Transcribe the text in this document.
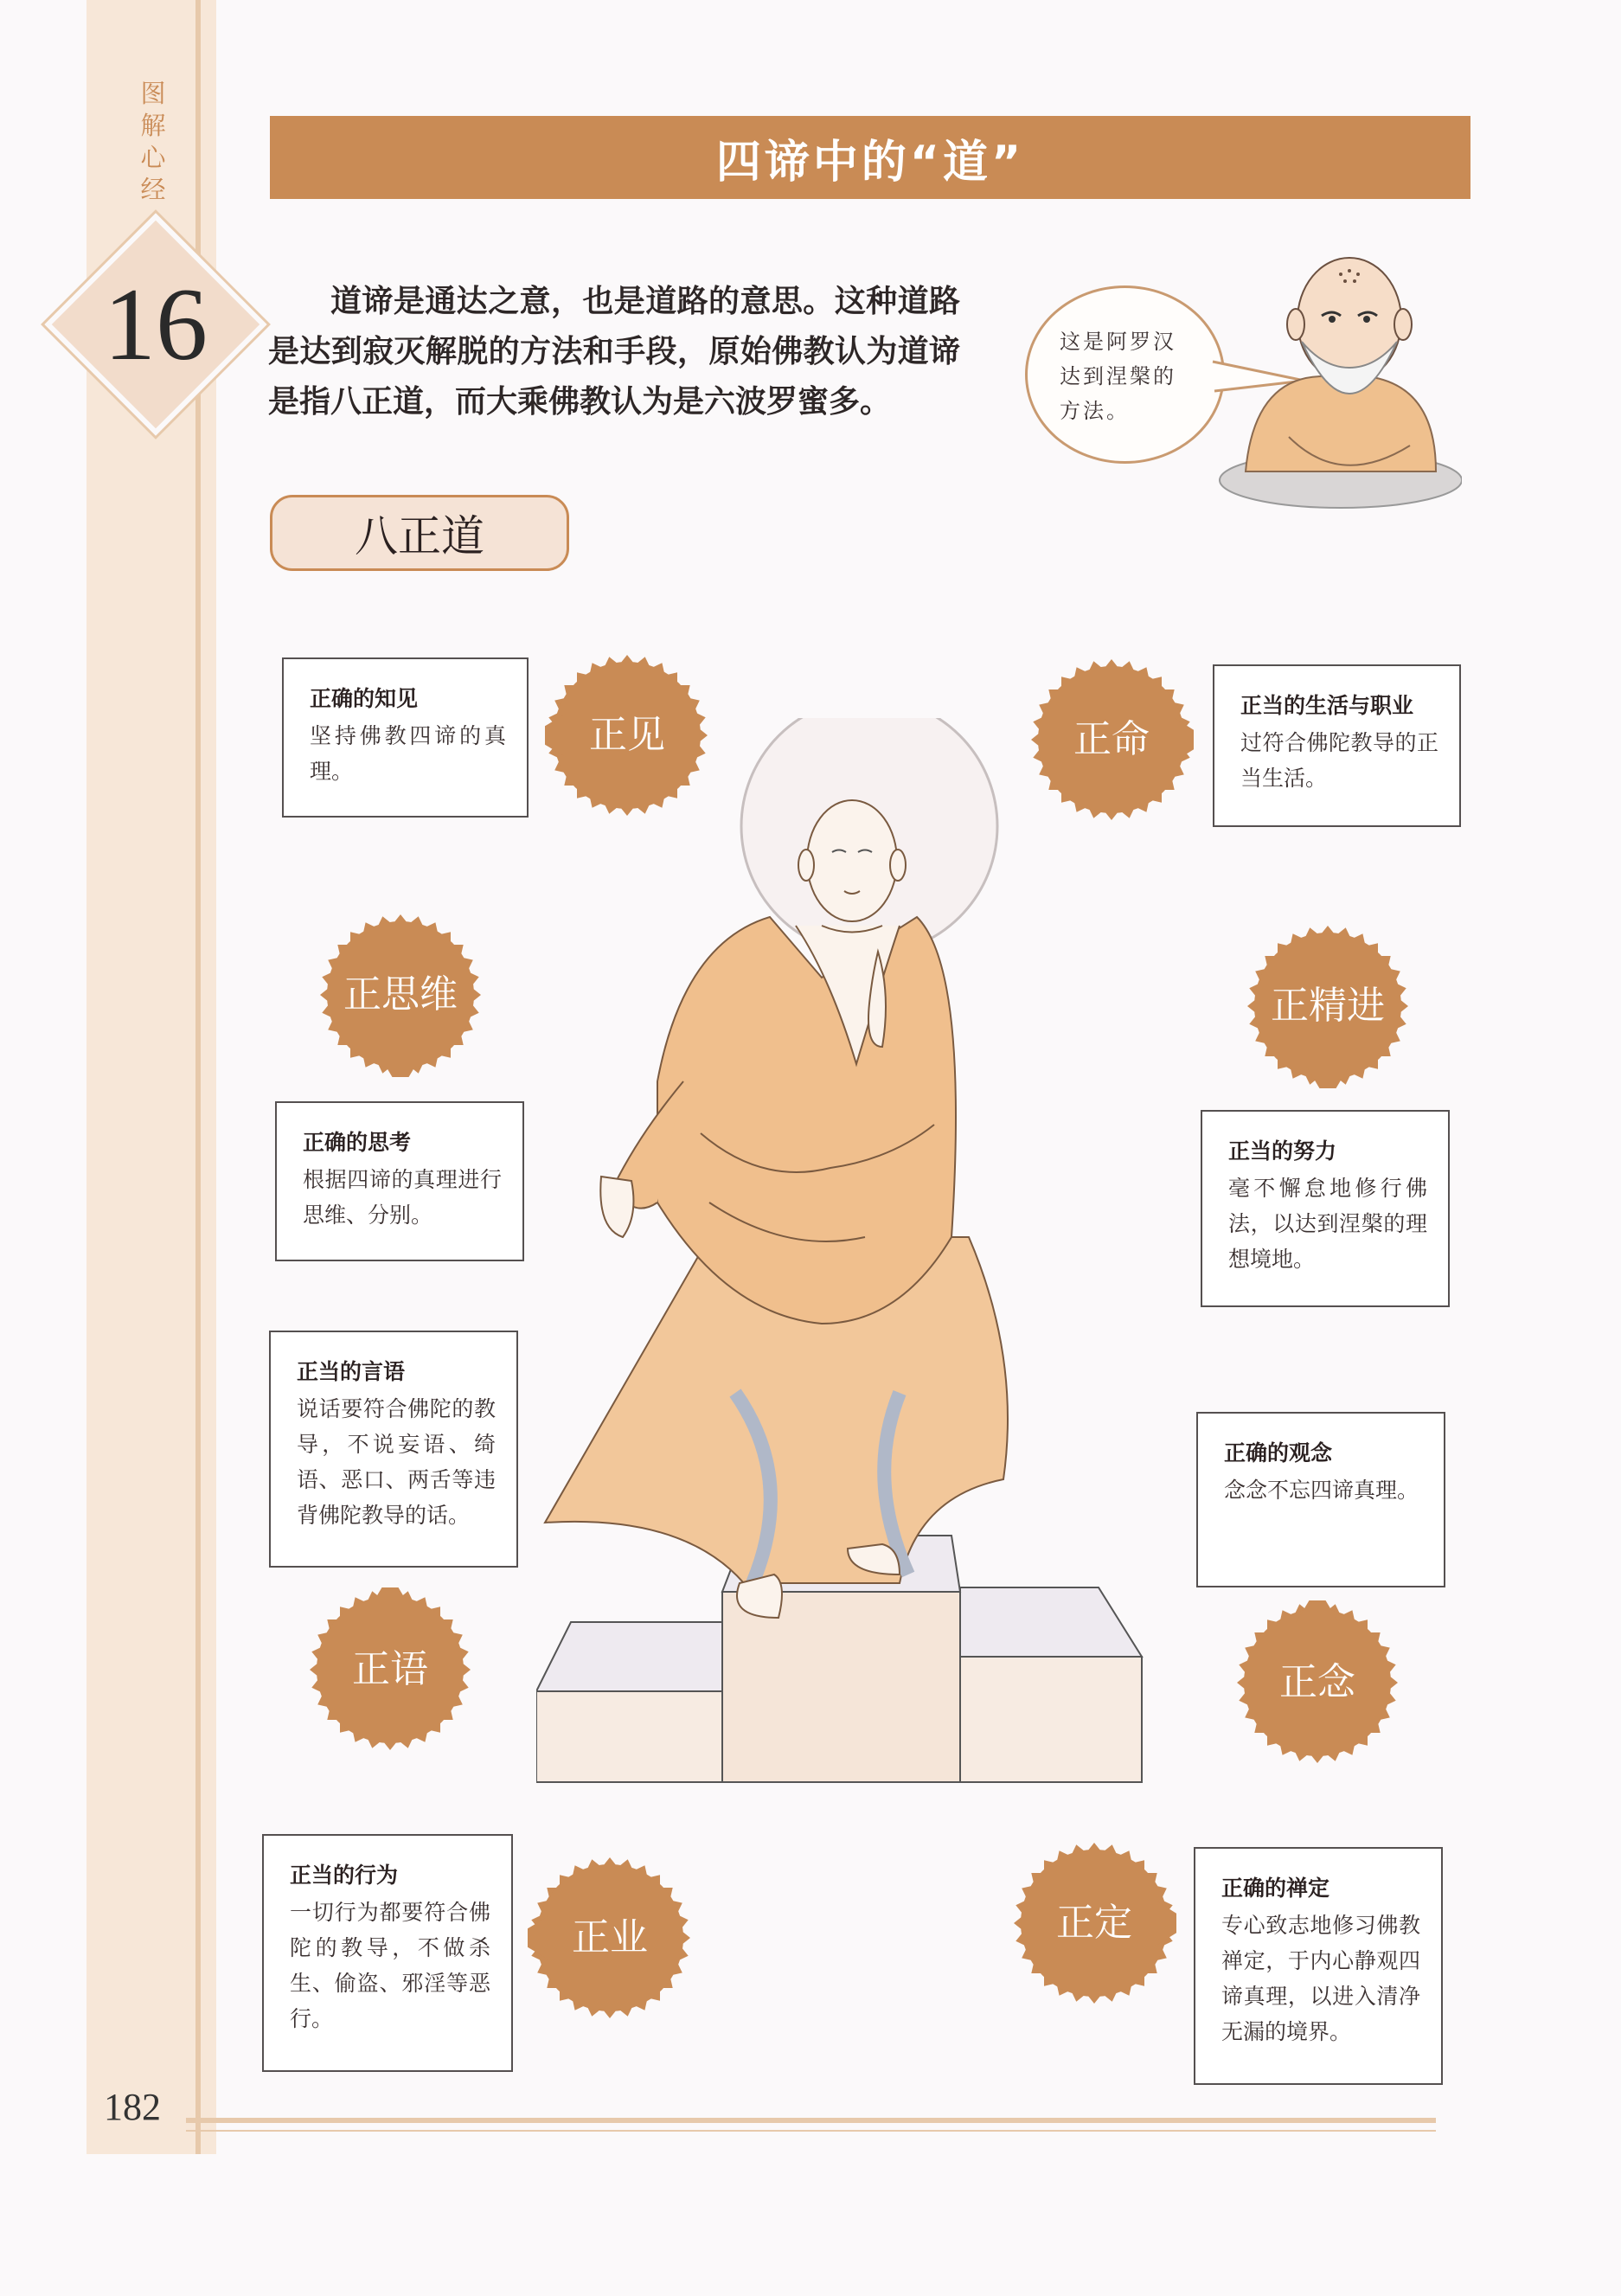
图解心经
16
四谛中的“道”
道谛是通达之意，也是道路的意思。这种道路是达到寂灭解脱的方法和手段，原始佛教认为道谛是指八正道，而大乘佛教认为是六波罗蜜多。
这是阿罗汉达到涅槃的方法。
八正道
正确的知见
坚持佛教四谛的真理。
正见	正命
正当的生活与职业
过符合佛陀教导的正当生活。
正思维
正确的思考
根据四谛的真理进行思维、分别。
正精进
正当的努力
毫不懈怠地修行佛法，以达到涅槃的理想境地。
正当的言语
说话要符合佛陀的教导，不说妄语、绮语、恶口、两舌等违背佛陀教导的话。
正语
正确的观念
念念不忘四谛真理。
正念
正当的行为
一切行为都要符合佛陀的教导，不做杀生、偷盗、邪淫等恶行。
正业	正定
正确的禅定
专心致志地修习佛教禅定，于内心静观四谛真理，以进入清净无漏的境界。
182
